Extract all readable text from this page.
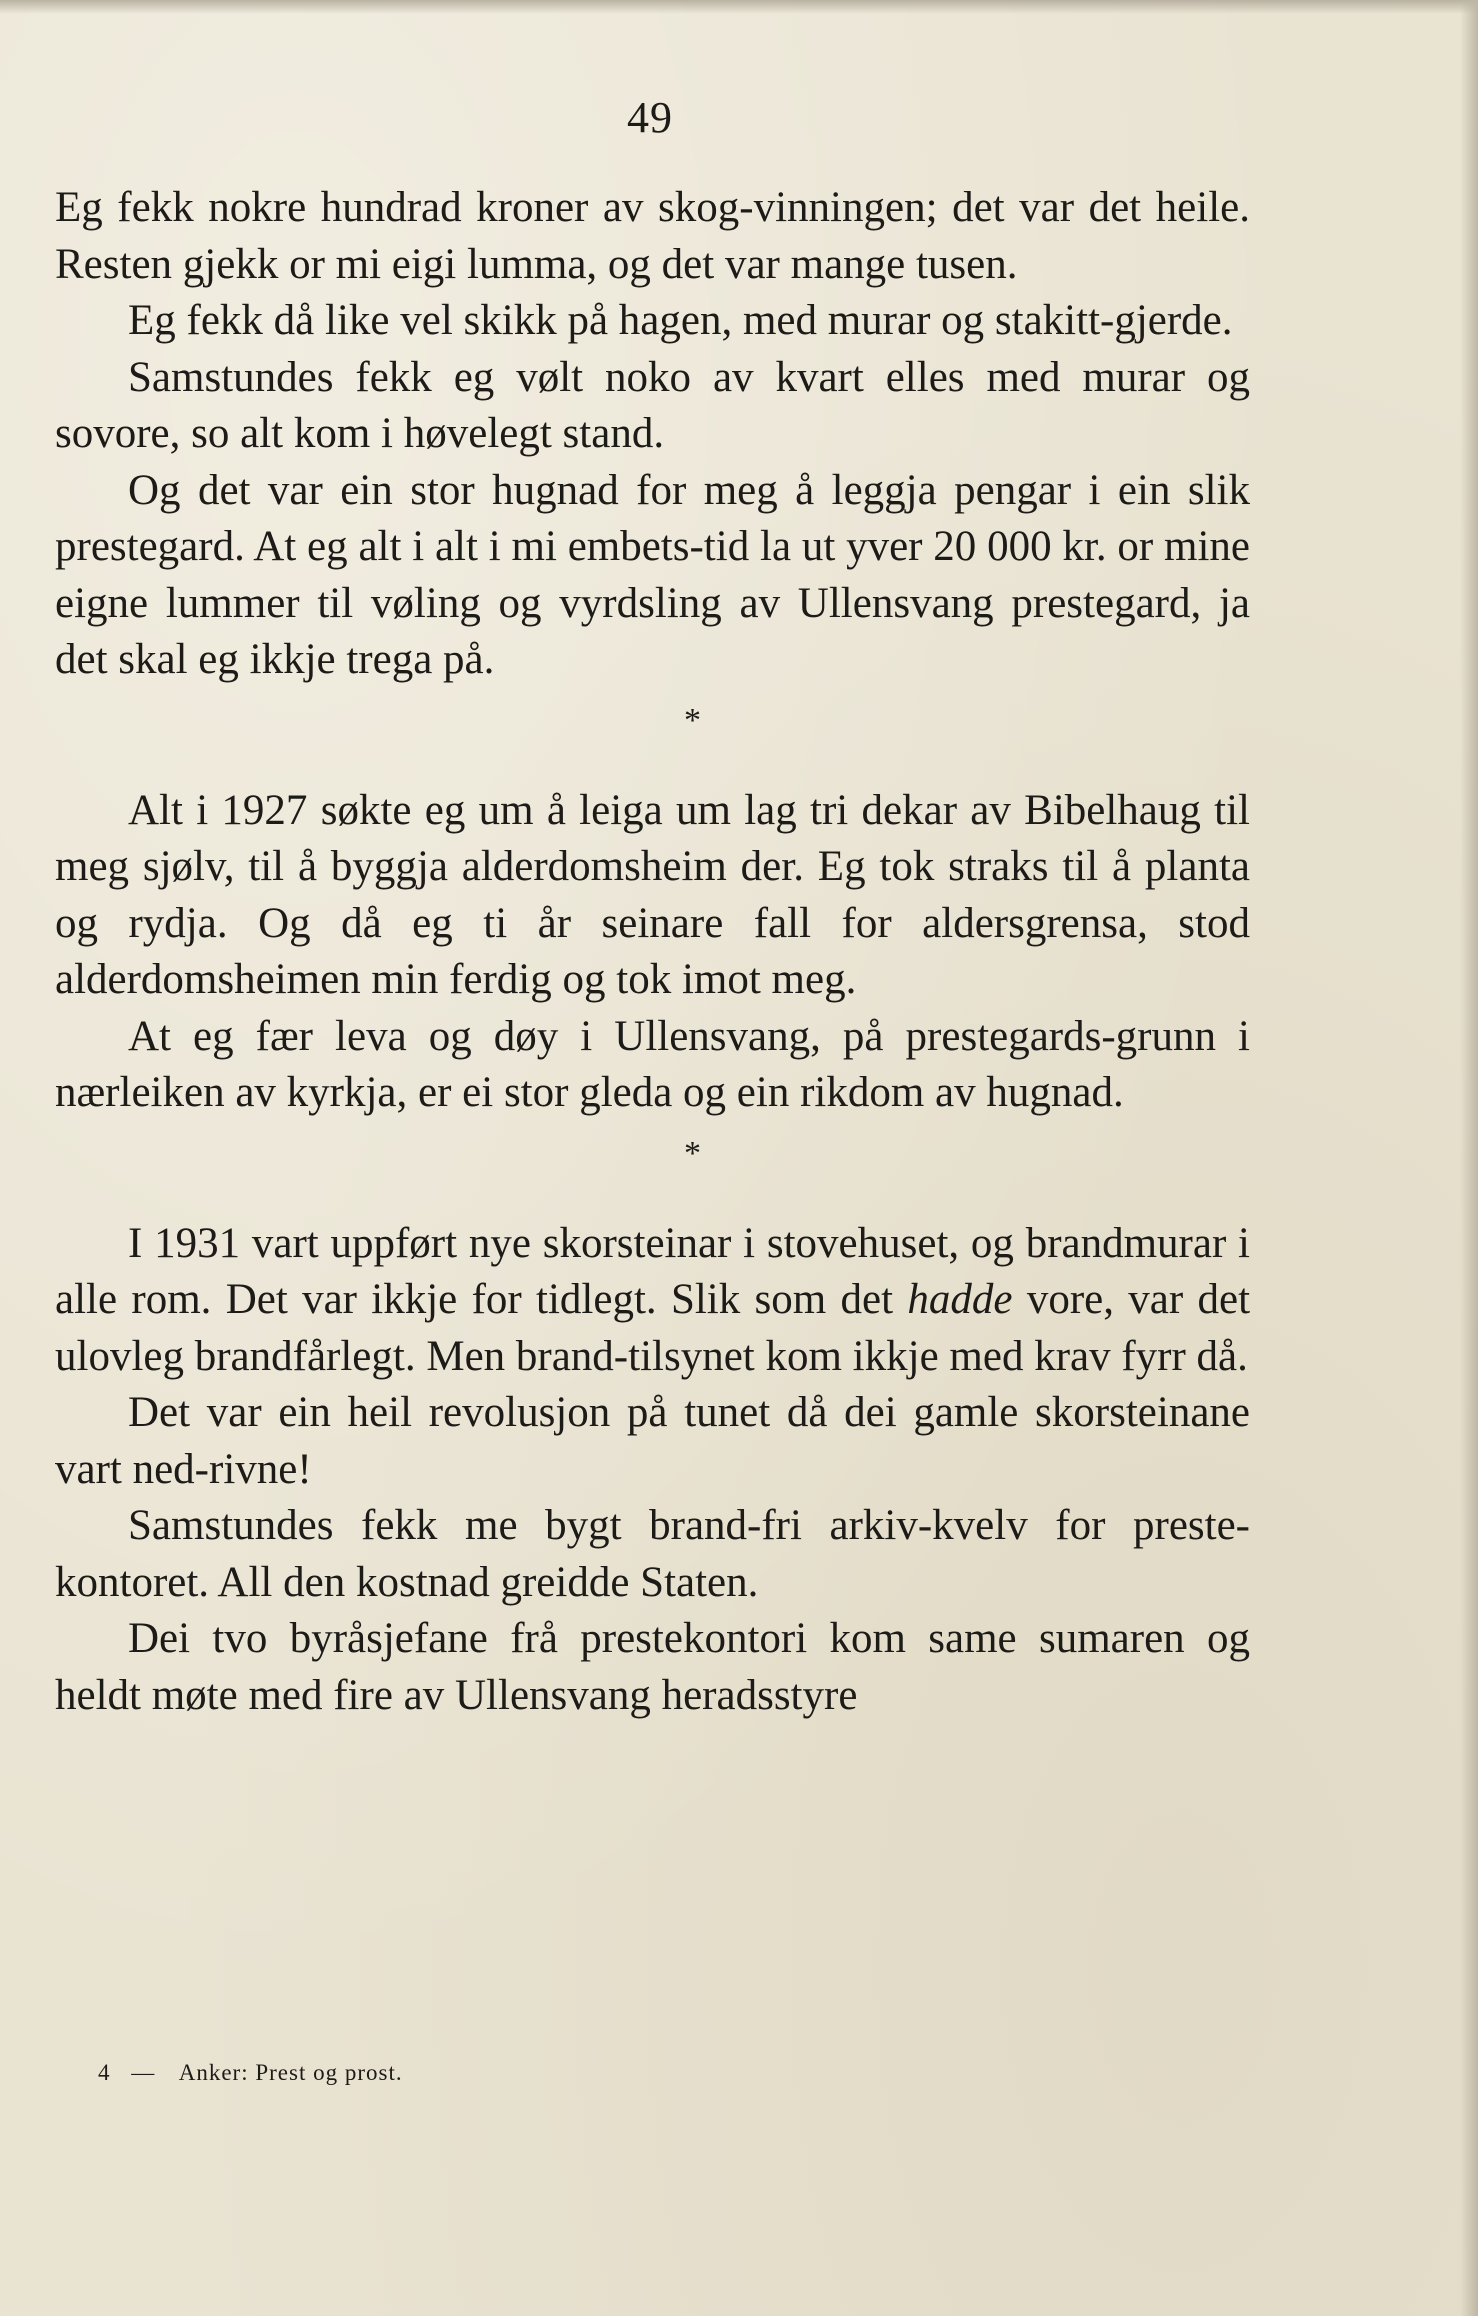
49

Eg fekk nokre hundrad kroner av skog-vinningen; det var det heile. Resten gjekk or mi eigi lumma, og det var mange tusen.

Eg fekk då like vel skikk på hagen, med murar og stakitt-gjerde.

Samstundes fekk eg vølt noko av kvart elles med murar og sovore, so alt kom i høvelegt stand.

Og det var ein stor hugnad for meg å leggja pengar i ein slik prestegard. At eg alt i alt i mi embets-tid la ut yver 20 000 kr. or mine eigne lummer til vøling og vyrdsling av Ullensvang prestegard, ja det skal eg ikkje trega på.

*

Alt i 1927 søkte eg um å leiga um lag tri dekar av Bibelhaug til meg sjølv, til å byggja alderdomsheim der. Eg tok straks til å planta og rydja. Og då eg ti år seinare fall for aldersgrensa, stod alderdomsheimen min ferdig og tok imot meg.

At eg fær leva og døy i Ullensvang, på prestegards-grunn i nærleiken av kyrkja, er ei stor gleda og ein rikdom av hugnad.

*

I 1931 vart uppført nye skorsteinar i stovehuset, og brandmurar i alle rom. Det var ikkje for tidlegt. Slik som det hadde vore, var det ulovleg brandfårlegt. Men brand-tilsynet kom ikkje med krav fyrr då.

Det var ein heil revolusjon på tunet då dei gamle skorsteinane vart ned-rivne!

Samstundes fekk me bygt brand-fri arkiv-kvelv for preste-kontoret. All den kostnad greidde Staten.

Dei tvo byråsjefane frå prestekontori kom same sumaren og heldt møte med fire av Ullensvang heradsstyre

4 — Anker: Prest og prost.
